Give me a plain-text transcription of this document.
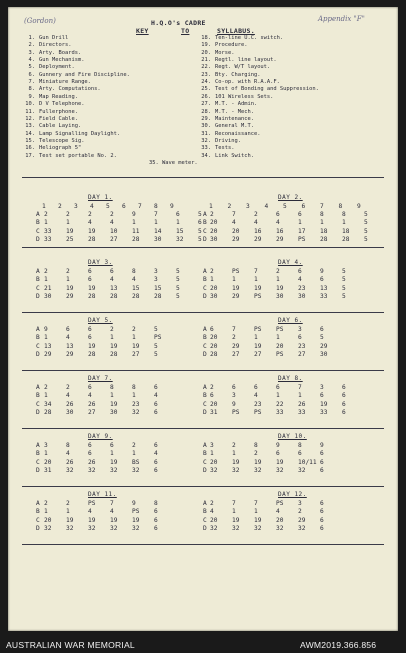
(Gordon)	Appendix "F"
H.Q.O's CADRE
KEY	TO	SYLLABUS.
1. Gun Drill
2. Directors.
3. Arty. Boards.
4. Gun Mechanism.
5. Deployment.
6. Gunnery and Fire Discipline.
7. Miniature Range.
8. Arty. Computations.
9. Map Reading.
10. D V Telephone.
11. Fullerphone.
12. Field Cable.
13. Cable Laying.
14. Lamp Signalling Daylight.
15. Telescope Sig.
16. Heliograph 5"
17. Test set portable No. 2.
18. Ten-line U.C. switch.
19. Procedure.
20. Morse.
21. Regtl. line layout.
22. Regt. W/T layout.
23. Bty. Charging.
24. Co-op. with R.A.A.F.
25. Test of Bonding and Suppression.
26. 101 Wireless Sets.
27. M.T. - Admin.
28. M.T. - Mech.
29. Maintenance.
30. General M.T.
31. Reconaissance.
32. Driving.
33. Tests.
34. Link Switch.
35. Wave meter.
DAY 1.
1 2 3 4 5 6 7 8 9
A 2	2	2	2	9	7	6	5
B 1	1	4	4	1	1	1	6
C 33 19 19 10 11 14 15 5
D 33 25 28 27 28 30 32 5
DAY 2.
1 2 3 4 5 6 7 8 9
A 2	7	2	6	6	8	8	5
B 20 4	4	4	1	1	1	5
C 20 20 16 16 17 18 18 5
D 30 29 29 29 PS 28 28 5
DAY 3.
A 2	2	6	6	8	3	5
B 1	1	6	4	4	3	5
C 21 19 19 13 15 15 5
D 30 29 28 28 28 28 5
DAY 4.
A 2	PS 7	2	6	9	5
B 1	1	1	1	4	6	5
C 20 19 19 19 23 13 5
D 30 29 PS 30 30 33 5
DAY 5.
A 9	6	6	2	2	5
B 1	4	6	1	1	PS
C 13 13 19 19 19 5
D 29 29 28 28 27 5
DAY 6.
A 6	7	PS PS 3	6
B 20 2	1	1	6	5
C 20 29 19 20 23 29
D 28 27 27 PS 27 30
DAY 7.
A 2	2	6	8	8	6
B 1	4	4	1	1	4
C 34 26 26 19 23 6
D 28 30 27 30 32 6
DAY 8.
A 2	6	6	6	7	3	6
B 6	3	4	1	1	6	6
C 20 9	23 22 26 19 6
D 31 PS PS 33 33 33 6
DAY 9.
A 3	8	6	6	2	6
B 1	4	6	1	1	4
C 20 26 26 19 BS 6
D 31 32 32 32 32 6
DAY 10.
A 3	2	8	9	8	9
B 1	1	2	6	6	6
C 20 19 19 19 10/11 6
D 32 32 32 32 32 6
DAY 11.
A 2	2	PS 7	9	8
B 1	1	4	4	PS 6
C 20 19 19 19 19 6
D 32 32 32 32 32 6
DAY 12.
A 2	7	7	PS 3	6
B 4	1	1	4	2	6
C 20 19 19 20 29 6
D 32 32 32 32 32 6
AUSTRALIAN WAR MEMORIAL	AWM2019.366.856
